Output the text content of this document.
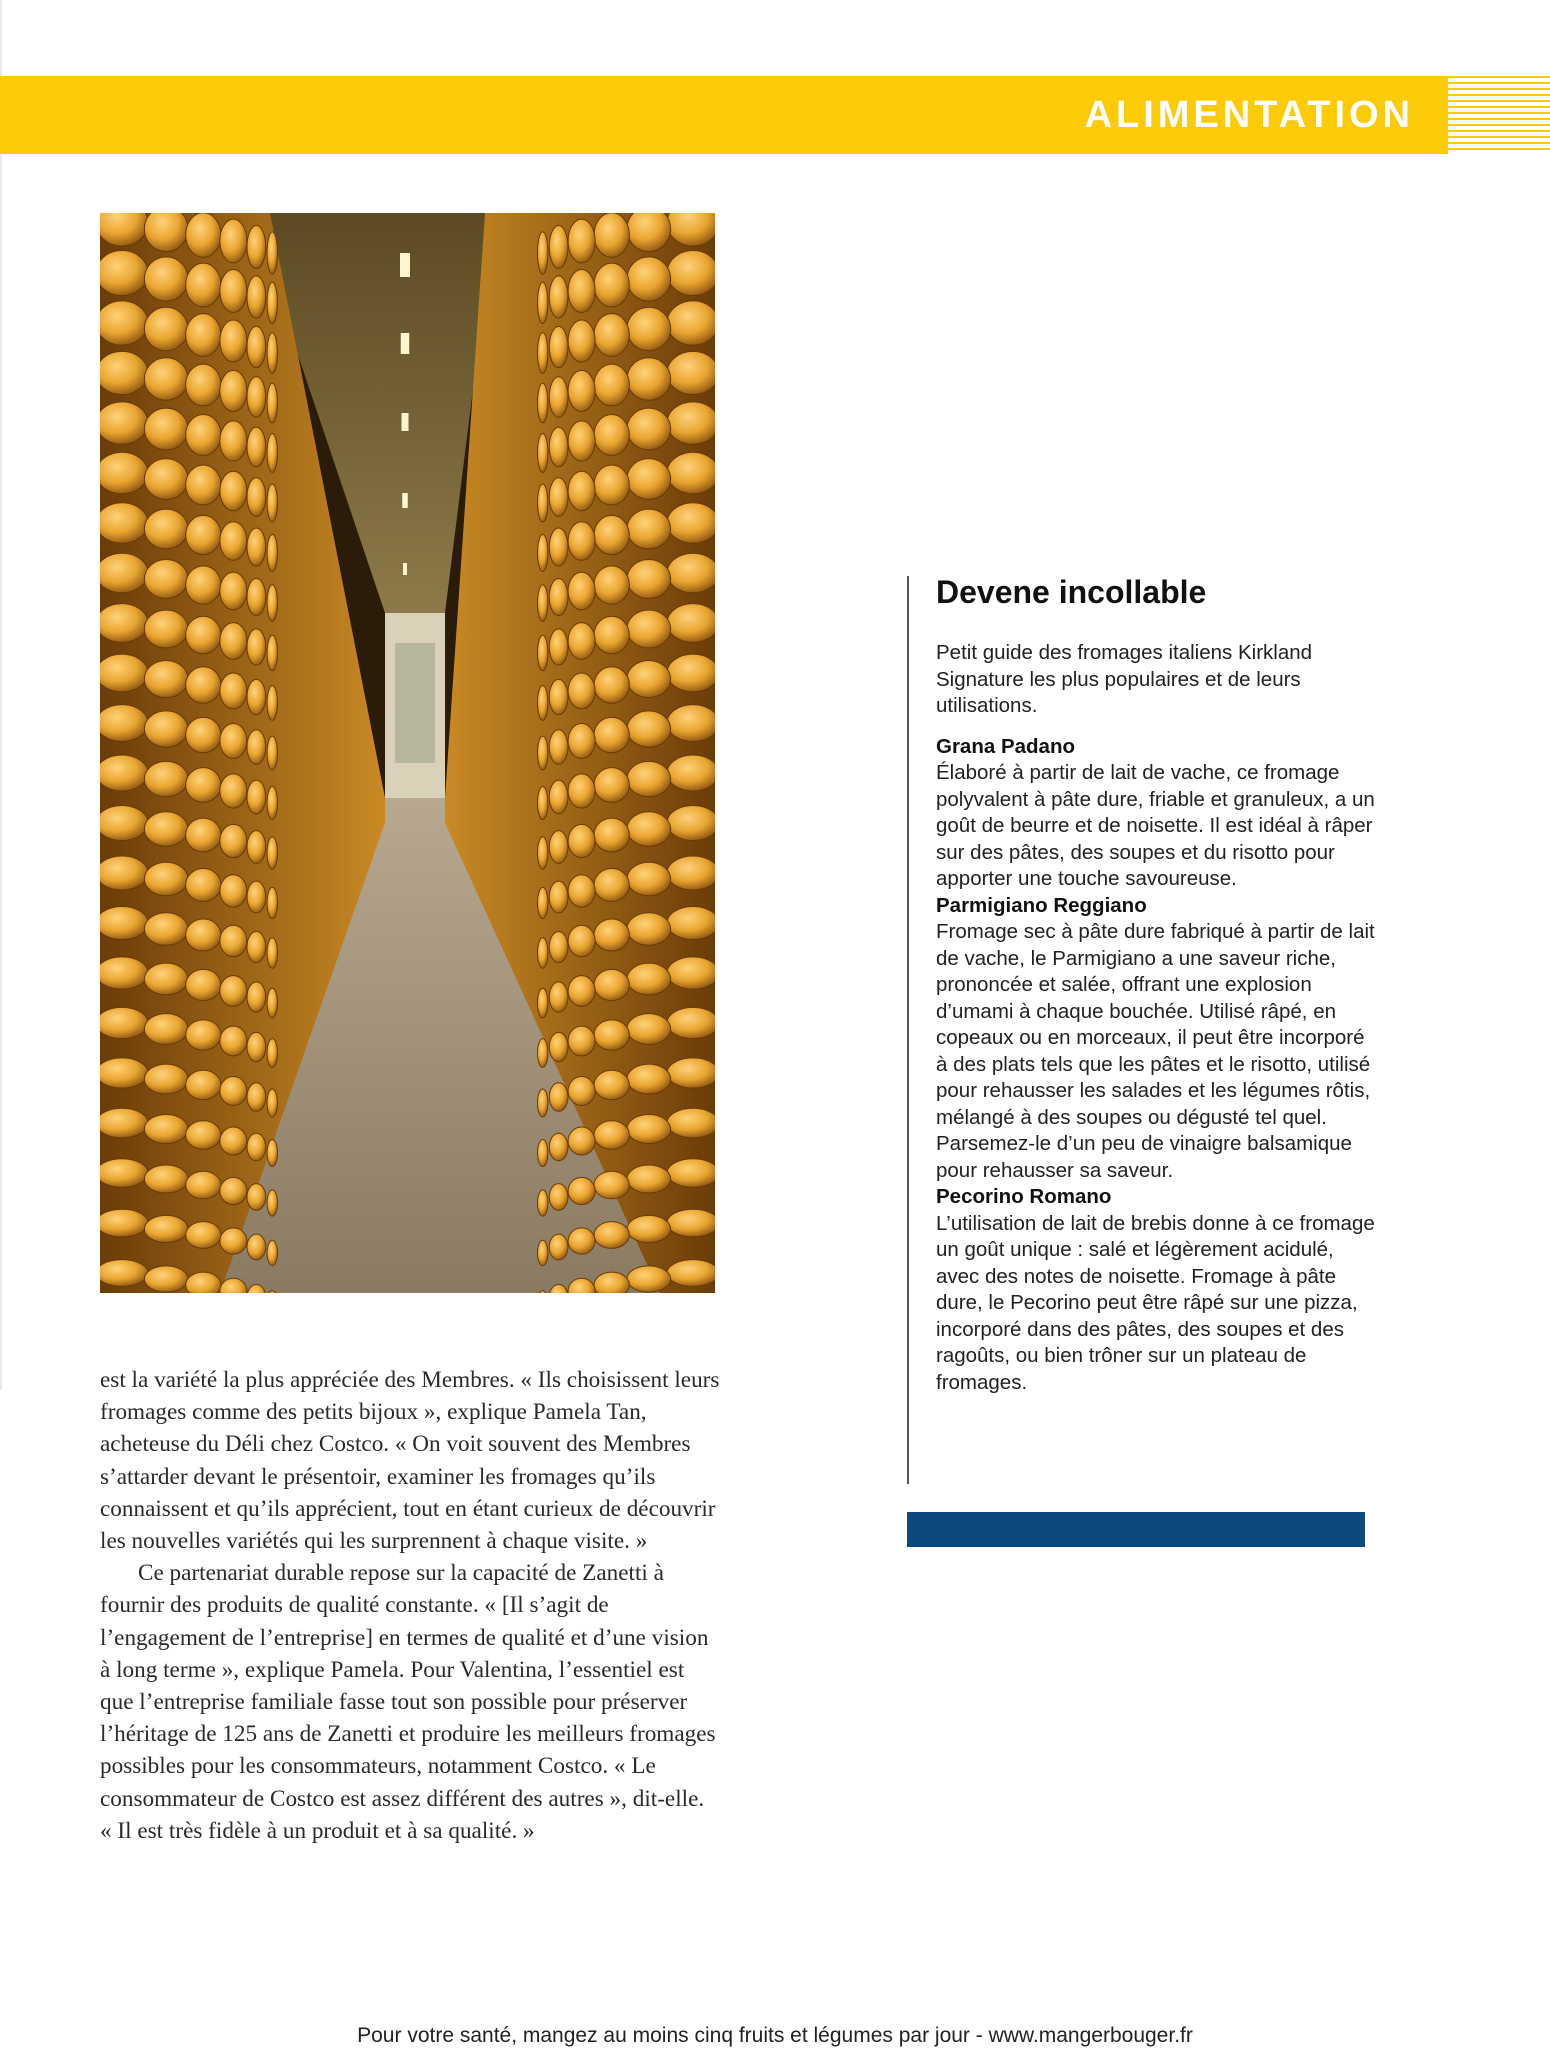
ALIMENTATION

est la variété la plus appréciée des Membres. « Ils choisissent leurs fromages comme des petits bijoux », explique Pamela Tan, acheteuse du Déli chez Costco. « On voit souvent des Membres s’attarder devant le présentoir, examiner les fromages qu’ils connaissent et qu’ils apprécient, tout en étant curieux de découvrir les nouvelles variétés qui les surprennent à chaque visite. »

Ce partenariat durable repose sur la capacité de Zanetti à fournir des produits de qualité constante. « [Il s’agit de l’engagement de l’entreprise] en termes de qualité et d’une vision à long terme », explique Pamela. Pour Valentina, l’essentiel est que l’entreprise familiale fasse tout son possible pour préserver l’héritage de 125 ans de Zanetti et produire les meilleurs fromages possibles pour les consommateurs, notamment Costco. « Le consommateur de Costco est assez différent des autres », dit-elle. « Il est très fidèle à un produit et à sa qualité. »

Devene incollable

Petit guide des fromages italiens Kirkland Signature les plus populaires et de leurs utilisations.

Grana Padano

Élaboré à partir de lait de vache, ce fromage polyvalent à pâte dure, friable et granuleux, a un goût de beurre et de noisette. Il est idéal à râper sur des pâtes, des soupes et du risotto pour apporter une touche savoureuse.

Parmigiano Reggiano

Fromage sec à pâte dure fabriqué à partir de lait de vache, le Parmigiano a une saveur riche, prononcée et salée, offrant une explosion d’umami à chaque bouchée. Utilisé râpé, en copeaux ou en morceaux, il peut être incorporé à des plats tels que les pâtes et le risotto, utilisé pour rehausser les salades et les légumes rôtis, mélangé à des soupes ou dégusté tel quel. Parsemez-le d’un peu de vinaigre balsamique pour rehausser sa saveur.

Pecorino Romano

L’utilisation de lait de brebis donne à ce fromage un goût unique : salé et légèrement acidulé, avec des notes de noisette. Fromage à pâte dure, le Pecorino peut être râpé sur une pizza, incorporé dans des pâtes, des soupes et des ragoûts, ou bien trôner sur un plateau de fromages.

Pour votre santé, mangez au moins cinq fruits et légumes par jour - www.mangerbouger.fr
